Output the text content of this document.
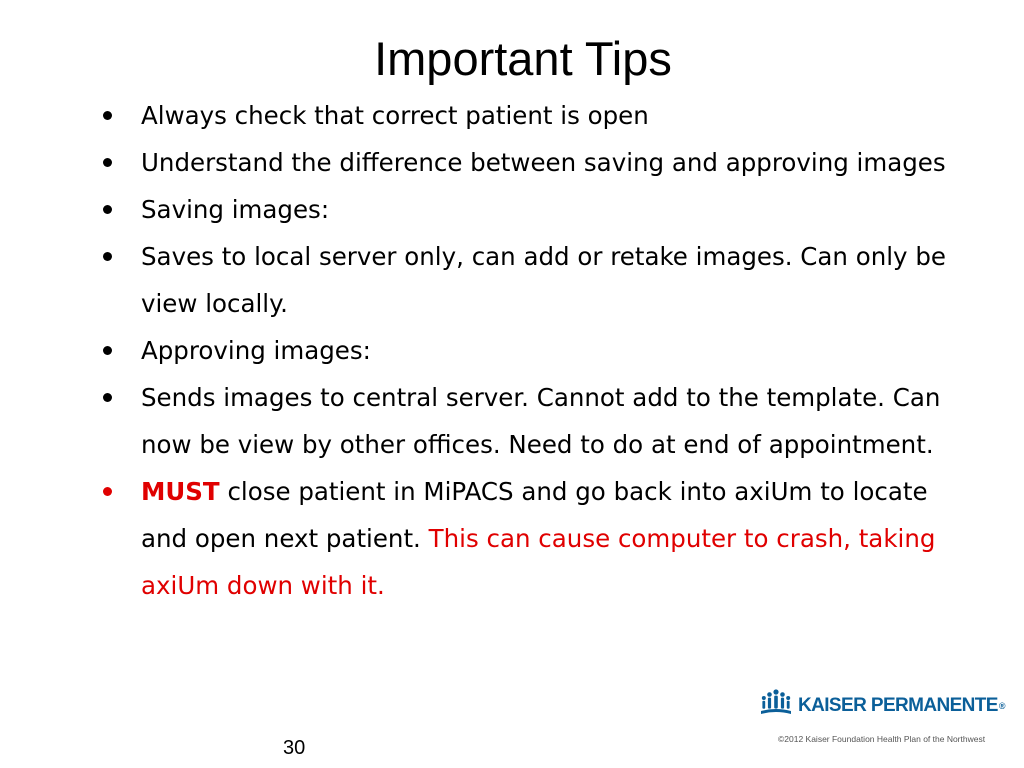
Important Tips
Always check that correct patient is open
Understand the difference between saving and approving images
Saving images:
Saves to local server only, can add or retake images. Can only be view locally.
Approving images:
Sends images to central server. Cannot add to the template. Can now be view by other offices. Need to do at end of appointment.
MUST close patient in MiPACS and go back into axiUm to locate and open next patient. This can cause computer to crash, taking axiUm down with it.
KAISER PERMANENTE®
©2012 Kaiser Foundation Health Plan of the Northwest
30
